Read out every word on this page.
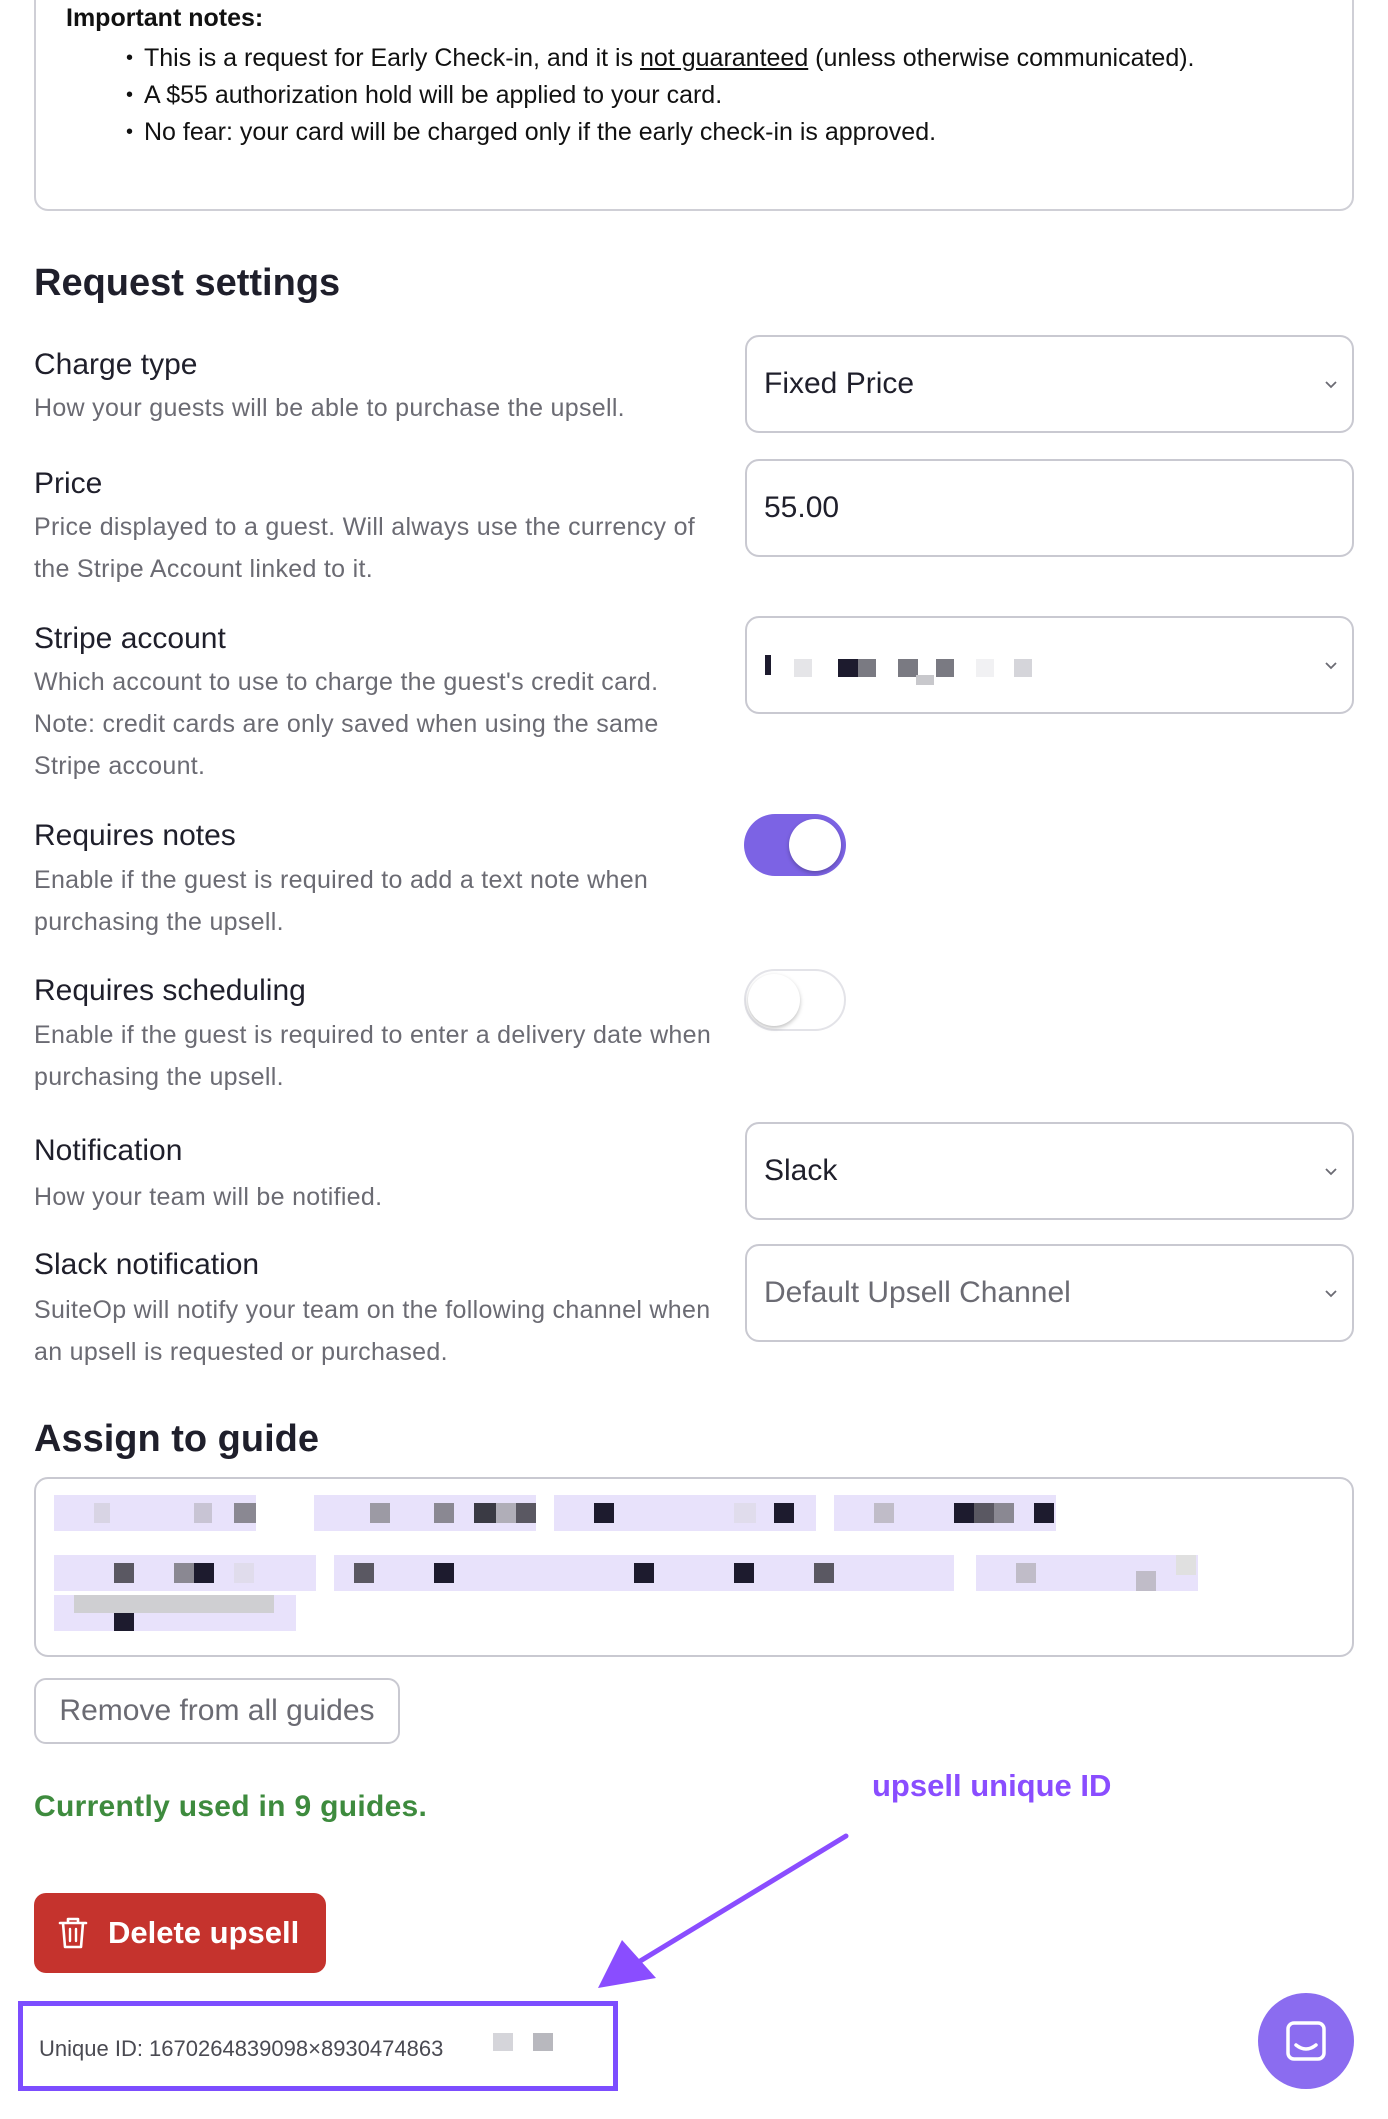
Important notes:
• This is a request for Early Check-in, and it is not guaranteed (unless otherwise communicated).
• A $55 authorization hold will be applied to your card.
• No fear: your card will be charged only if the early check-in is approved.
Request settings
Charge type
How your guests will be able to purchase the upsell.
Fixed Price
Price
Price displayed to a guest. Will always use the currency of the Stripe Account linked to it.
55.00
Stripe account
Which account to use to charge the guest's credit card. Note: credit cards are only saved when using the same Stripe account.
Requires notes
Enable if the guest is required to add a text note when purchasing the upsell.
Requires scheduling
Enable if the guest is required to enter a delivery date when purchasing the upsell.
Notification
How your team will be notified.
Slack
Slack notification
SuiteOp will notify your team on the following channel when an upsell is requested or purchased.
Default Upsell Channel
Assign to guide
Remove from all guides
Currently used in 9 guides.
Delete upsell
Unique ID: 1670264839098×8930474863⁠
upsell unique ID
